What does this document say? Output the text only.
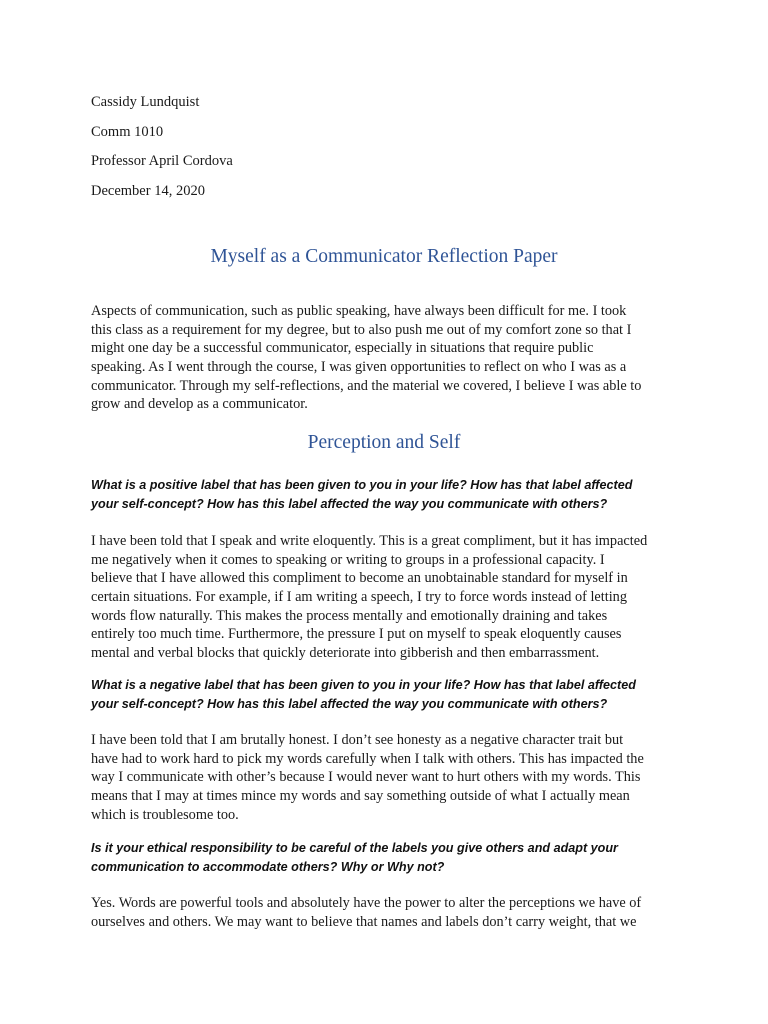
Cassidy Lundquist
Comm 1010
Professor April Cordova
December 14, 2020
Myself as a Communicator Reflection Paper
Aspects of communication, such as public speaking, have always been difficult for me. I took
this class as a requirement for my degree, but to also push me out of my comfort zone so that I
might one day be a successful communicator, especially in situations that require public
speaking. As I went through the course, I was given opportunities to reflect on who I was as a
communicator. Through my self-reflections, and the material we covered, I believe I was able to
grow and develop as a communicator.
Perception and Self
What is a positive label that has been given to you in your life? How has that label affected
your self-concept? How has this label affected the way you communicate with others?
I have been told that I speak and write eloquently. This is a great compliment, but it has impacted
me negatively when it comes to speaking or writing to groups in a professional capacity. I
believe that I have allowed this compliment to become an unobtainable standard for myself in
certain situations. For example, if I am writing a speech, I try to force words instead of letting
words flow naturally. This makes the process mentally and emotionally draining and takes
entirely too much time. Furthermore, the pressure I put on myself to speak eloquently causes
mental and verbal blocks that quickly deteriorate into gibberish and then embarrassment.
What is a negative label that has been given to you in your life? How has that label affected
your self-concept? How has this label affected the way you communicate with others?
I have been told that I am brutally honest. I don’t see honesty as a negative character trait but
have had to work hard to pick my words carefully when I talk with others. This has impacted the
way I communicate with other’s because I would never want to hurt others with my words. This
means that I may at times mince my words and say something outside of what I actually mean
which is troublesome too.
Is it your ethical responsibility to be careful of the labels you give others and adapt your
communication to accommodate others? Why or Why not?
Yes. Words are powerful tools and absolutely have the power to alter the perceptions we have of
ourselves and others. We may want to believe that names and labels don’t carry weight, that we
